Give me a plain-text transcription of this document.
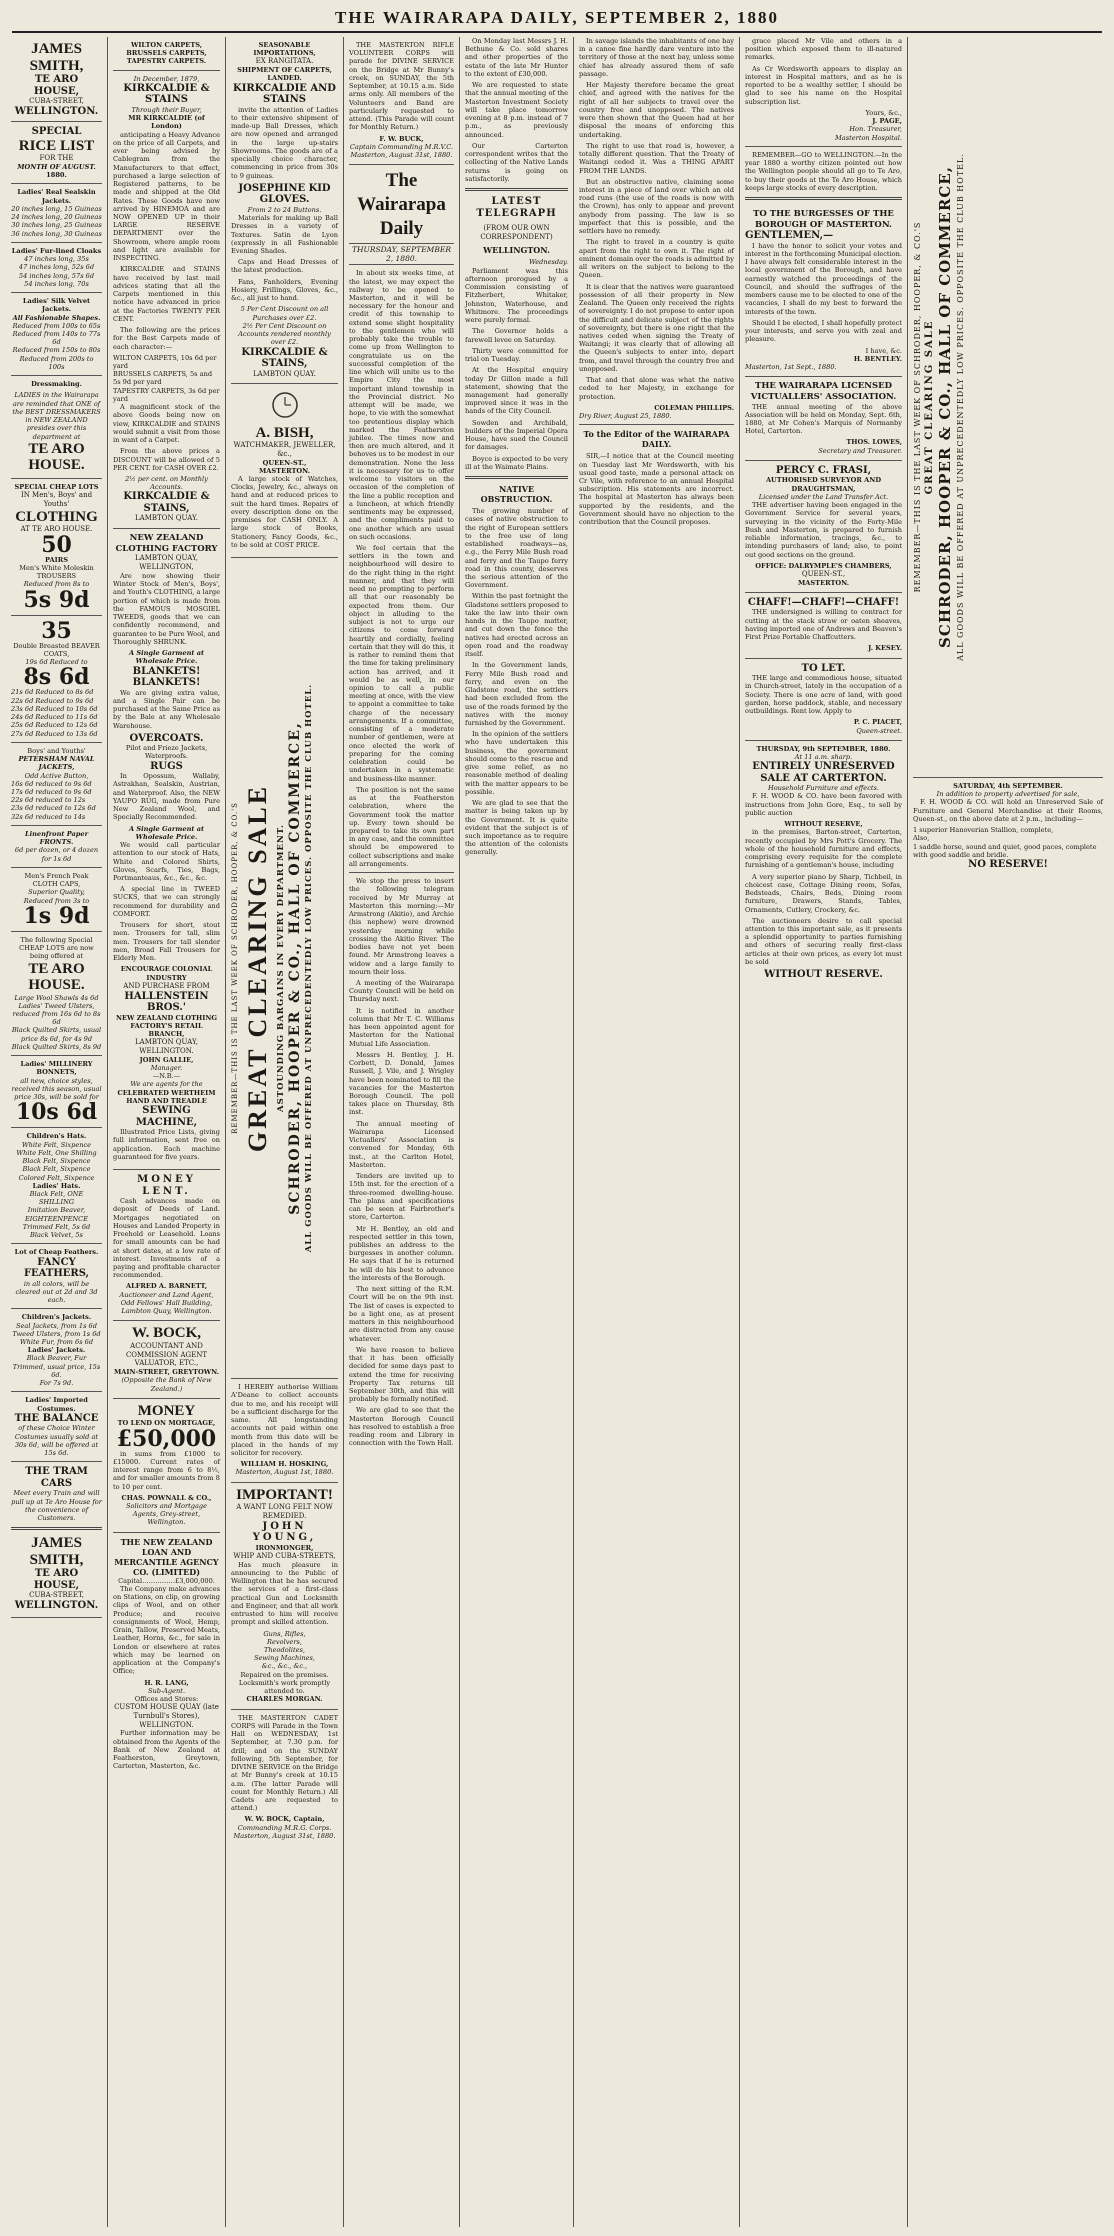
THE WAIRARAPA DAILY, SEPTEMBER 2, 1880
JAMES SMITH,
TE ARO HOUSE,
CUBA-STREET,
WELLINGTON.
SPECIAL
RICE LIST
FOR THE
MONTH OF AUGUST.
1880.
Ladies' Real Sealskin Jackets.
20 inches long, 15 Guineas
24 inches long, 20 Guineas
30 inches long, 25 Guineas
36 inches long, 30 Guineas
Ladies' Fur-lined Cloaks
47 inches long, 35s
47 inches long, 52s 6d
54 inches long, 57s 6d
54 inches long, 70s
Ladies' Silk Velvet Jackets.
All Fashionable Shapes.
Reduced from 100s to 65s
Reduced from 140s to 77s 6d
Reduced from 150s to 80s
Reduced from 200s to 100s
Dressmaking.
LADIES in the Wairarapa are reminded that ONE of the BEST DRESSMAKERS in NEW ZEALAND presides over this department at
TE ARO HOUSE.
SPECIAL CHEAP LOTS
IN Men's, Boys' and Youths'
CLOTHING
AT TE ARO HOUSE.
50
PAIRS
Men's White Moleskin TROUSERS
Reduced from 8s to
5s 9d
35
Double Breasted BEAVER COATS,
19s 6d Reduced to
8s 6d
21s 6d Reduced to 8s 6d
22s 6d Reduced to 9s 6d
23s 6d Reduced to 10s 6d
24s 6d Reduced to 11s 6d
25s 6d Reduced to 12s 6d
27s 6d Reduced to 13s 6d
Boys' and Youths'
PETERSHAM NAVAL JACKETS,
Odd Active Button,
16s 6d reduced to 9s 6d
17s 6d reduced to 9s 6d
22s 6d reduced to 12s
23s 6d reduced to 12s 6d
32s 6d reduced to 14s
Linenfront Paper FRONTS.
6d per dozen, or 4 dozen for 1s 6d
Men's French Peak CLOTH CAPS,
Superior Quality,
Reduced from 3s to
1s 9d
The following Special CHEAP LOTS are now being offered at
TE ARO HOUSE.
Large Wool Shawls 4s 6d
Ladies' Tweed Ulsters, reduced from 16s 6d to 8s 6d
Black Quilted Skirts, usual price 8s 6d, for 4s 9d
Black Quilted Skirts, 8s 9d
Ladies' MILLINERY BONNETS,
all new, choice styles, received this season, usual price 30s, will be sold for
10s 6d
Children's Hats.
White Felt, Sixpence
White Felt, One Shilling
Black Felt, Sixpence
Black Felt, Sixpence
Colored Felt, Sixpence
Ladies' Hats.
Black Felt, ONE SHILLING
Imitation Beaver, EIGHTEENPENCE
Trimmed Felt, 5s 6d
Black Velvet, 5s
Lot of Cheap Feathers.
FANCY FEATHERS,
in all colors, will be cleared out at 2d and 3d each.
Children's Jackets.
Seal Jackets, from 1s 6d
Tweed Ulsters, from 1s 6d
White Fur, from 6s 6d
Ladies' Jackets.
Black Beaver, Fur Trimmed, usual price, 15s 6d.
For 7s 9d.
Ladies' Imported Costumes.
THE BALANCE
of these Choice Winter Costumes usually sold at 30s 6d, will be offered at 15s 6d.
THE TRAM CARS
Meet every Train and will pull up at Te Aro House for the convenience of Customers.
JAMES SMITH,
TE ARO HOUSE,
CUBA-STREET,
WELLINGTON.
WILTON CARPETS,
BRUSSELS CARPETS,
TAPESTRY CARPETS.
In December, 1879,
KIRKCALDIE & STAINS
Through their Buyer,
MR KIRKCALDIE (of London)

anticipating a Heavy Advance on the price of all Carpets, and ever being advised by Cablegram from the Manufacturers to that effect, purchased a large selection of Registered patterns, to be made and shipped at the Old Rates. These Goods have now arrived by HINEMOA and are NOW OPENED UP in their LARGE RESERVE DEPARTMENT over the Showroom, where ample room and light are available for INSPECTING.

KIRKCALDIE and STAINS have received by last mail advices stating that all the Carpets mentioned in this notice have advanced in price at the Factories TWENTY PER CENT.

The following are the prices for the Best Carpets made of each character:—

WILTON CARPETS, 10s 6d per yard
BRUSSELS CARPETS, 5s and 5s 9d per yard
TAPESTRY CARPETS, 3s 6d per yard

A magnificent stock of the above Goods being now on view, KIRKCALDIE and STAINS would submit a visit from those in want of a Carpet.

From the above prices a DISCOUNT will be allowed of 5 PER CENT. for CASH OVER £2.

2½ per cent. on Monthly Accounts.
KIRKCALDIE & STAINS,
LAMBTON QUAY.
NEW ZEALAND CLOTHING FACTORY
LAMBTON QUAY, WELLINGTON,

Are now showing their Winter Stock of Men's, Boys', and Youth's CLOTHING, a large portion of which is made from the FAMOUS MOSGIEL TWEEDS, goods that we can confidently recommend, and guarantee to be Pure Wool, and Thoroughly SHRUNK.

A Single Garment at Wholesale Price.
BLANKETS! BLANKETS!

We are giving extra value, and a Single Pair can be purchased at the Same Price as by the Bale at any Wholesale Warehouse.

OVERCOATS.
Pilot and Frieze Jackets, Waterproofs.
RUGS

In Opossum, Wallaby, Astrakhan, Sealskin, Austrian, and Waterproof. Also, the NEW YAUPO RUG, made from Pure New Zealand Wool, and Specially Recommended.

A Single Garment at Wholesale Price.

We would call particular attention to our stock of Hats, White and Colored Shirts, Gloves, Scarfs, Ties, Bags, Portmanteaus, &c., &c., &c.

A special line in TWEED SUCKS, that we can strongly recommend for durability and COMFORT.

Trousers for short, stout men. Trousers for tall, slim men. Trousers for tall slender men, Broad Fall Trousers for Elderly Men.

ENCOURAGE COLONIAL INDUSTRY
AND PURCHASE FROM
HALLENSTEIN BROS.'
NEW ZEALAND CLOTHING FACTORY'S RETAIL BRANCH,
LAMBTON QUAY, WELLINGTON.
JOHN GALLIE,
Manager.
—N.B.—
We are agents for the
CELEBRATED WERTHEIM HAND AND TREADLE
SEWING MACHINE,

Illustrated Price Lists, giving full information, sent free on application. Each machine guaranteed for five years.

MONEY LENT.

Cash advances made on deposit of Deeds of Land. Mortgages negotiated on Houses and Landed Property in Freehold or Leasehold. Loans for small amounts can be had at short dates, at a low rate of interest. Investments of a paying and profitable character recommended.

ALFRED A. BARNETT,
Auctioneer and Land Agent, Odd Fellows' Hall Building, Lambton Quay, Wellington.
W. BOCK,
ACCOUNTANT AND COMMISSION AGENT VALUATOR, ETC.,
MAIN-STREET, GREYTOWN.
(Opposite the Bank of New Zealand.)
MONEY
TO LEND ON MORTGAGE,
£50,000

in sums from £1000 to £15000. Current rates of interest range from 6 to 8½, and for smaller amounts from 8 to 10 per cent.

CHAS. POWNALL & CO.,
Solicitors and Mortgage Agents, Grey-street, Wellington.
THE NEW ZEALAND LOAN AND MERCANTILE AGENCY CO. (LIMITED)
Capital……………£3,000,000.

The Company make advances on Stations, on clip, on growing clips of Wool, and on other Produce; and receive consignments of Wool, Hemp, Grain, Tallow, Preserved Meats, Leather, Horns, &c., for sale in London or elsewhere at rates which may be learned on application at the Company's Office;

H. R. LANG,
Sub-Agent.
Offices and Stores:
CUSTOM HOUSE QUAY (late Turnbull's Stores), WELLINGTON.

Further information may be obtained from the Agents of the Bank of New Zealand at Featherston, Greytown, Carterton, Masterton, &c.

SEASONABLE IMPORTATIONS,
EX RANGITATA.
SHIPMENT OF CARPETS, LANDED.
KIRKCALDIE AND STAINS

invite the attention of Ladies to their extensive shipment of made-up Ball Dresses, which are now opened and arranged in the large up-stairs Showrooms. The goods are of a specially choice character, commencing in price from 30s to 9 guineas.

JOSEPHINE KID GLOVES.
From 2 to 24 Buttons.

Materials for making up Ball Dresses in a variety of Textures. Satin de Lyon (expressly in all Fashionable Evening Shades.

Caps and Head Dresses of the latest production.

Fans, Fanholders, Evening Hosiery, Frillings, Gloves, &c., &c., all just to hand.

5 Per Cent Discount on all Purchases over £2.
2½ Per Cent Discount on Accounts rendered monthly over £2.
KIRKCALDIE & STAINS,
LAMBTON QUAY.
A. BISH,
WATCHMAKER, JEWELLER, &c.,
QUEEN-ST.,
MASTERTON.

A large stock of Watches, Clocks, Jewelry, &c., always on hand and at reduced prices to suit the hard times. Repairs of every description done on the premises for CASH ONLY. A large stock of Books, Stationery, Fancy Goods, &c., to be sold at COST PRICE.

REMEMBER—THIS IS THE LAST WEEK OF SCHRODER, HOOPER, & CO.'S GREAT CLEARING SALE ASTOUNDING BARGAINS IN EVERY DEPARTMENT. SCHRODER, HOOPER & CO., HALL OF COMMERCE, ALL GOODS WILL BE OFFERED AT UNPRECEDENTEDLY LOW PRICES. OPPOSITE THE CLUB HOTEL.

I HEREBY authorise William A'Deane to collect accounts due to me, and his receipt will be a sufficient discharge for the same. All longstanding accounts not paid within one month from this date will be placed in the hands of my solicitor for recovery.

WILLIAM H. HOSKING,
Masterton, August 1st, 1880.
IMPORTANT!
A WANT LONG FELT NOW REMEDIED.
JOHN YOUNG,
IRONMONGER,
WHIP AND CUBA-STREETS,

Has much pleasure in announcing to the Public of Wellington that he has secured the services of a first-class practical Gun and Locksmith and Engineer, and that all work entrusted to him will receive prompt and skilled attention.

Guns, Rifles,
Revolvers,
Theodolites,
Sewing Machines,
&c., &c., &c.,
Repaired on the premises.
Locksmith's work promptly attended to.
CHARLES MORGAN.

THE MASTERTON CADET CORPS will Parade in the Town Hall on WEDNESDAY, 1st September, at 7.30 p.m. for drill; and on the SUNDAY following, 5th September, for DIVINE SERVICE on the Bridge at Mr Bunny's creek at 10.15 a.m. (The latter Parade will count for Monthly Return.) All Cadets are requested to attend.)

W. W. BOCK, Captain,
Commanding M.R.G. Corps.
Masterton, August 31st, 1880.

THE MASTERTON RIFLE VOLUNTEER CORPS will parade for DIVINE SERVICE on the Bridge at Mr Bunny's creek, on SUNDAY, the 5th September, at 10.15 a.m. Side arms only. All members of the Volunteers and Band are particularly requested to attend. (This Parade will count for Monthly Return.)

F. W. BUCK,
Captain Commanding M.R.V.C.
Masterton, August 31st, 1880.
The Wairarapa Daily
THURSDAY, SEPTEMBER 2, 1880.

In about six weeks time, at the latest, we may expect the railway to be opened to Masterton, and it will be necessary for the honour and credit of this township to extend some slight hospitality to the gentlemen who will probably take the trouble to come up from Wellington to congratulate us on the successful completion of the line which will unite us to the Empire City the most important inland township in the Provincial district. No attempt will be made, we hope, to vie with the somewhat too pretentious display which marked the Featherston jubilee. The times now and then are much altered, and it behoves us to be modest in our demonstration. None the less it is necessary for us to offer welcome to visitors on the occasion of the completion of the line a public reception and a luncheon, at which friendly sentiments may be expressed, and the compliments paid to one another which are usual on such occasions.

We feel certain that the settlers in the town and neighbourhood will desire to do the right thing in the right manner, and that they will need no prompting to perform all that our reasonably be expected from them. Our object in alluding to the subject is not to urge our citizens to come forward heartily and cordially, feeling certain that they will do this, it is rather to remind them that the time for taking preliminary action has arrived, and it would be as well, in our opinion to call a public meeting at once, with the view to appoint a committee to take charge of the necessary arrangements. If a committee, consisting of a moderate number of gentlemen, were at once elected the work of preparing for the coming celebration could be undertaken in a systematic and business-like manner.

The position is not the same as at the Featherston celebration, where the Government took the matter up. Every town should be prepared to take its own part in any case, and the committee should be empowered to collect subscriptions and make all arrangements.

We stop the press to insert the following telegram received by Mr Murray at Masterton this morning:—Mr Armstrong (Akitio), and Archie (his nephew) were drowned yesterday morning while crossing the Akitio River. The bodies have not yet been found. Mr Armstrong leaves a widow and a large family to mourn their loss.

A meeting of the Wairarapa County Council will be held on Thursday next.

It is notified in another column that Mr T. C. Williams has been appointed agent for Masterton for the National Mutual Life Association.

Messrs H. Bentley, J. H. Corbett, D. Donald, James Russell, J. Vile, and J. Wrigley have been nominated to fill the vacancies for the Masterton Borough Council. The poll takes place on Thursday, 8th inst.

The annual meeting of Wairarapa Licensed Victuallers' Association is convened for Monday, 6th inst., at the Carlton Hotel, Masterton.

Tenders are invited up to 15th inst. for the erection of a three-roomed dwelling-house. The plans and specifications can be seen at Fairbrother's store, Carterton.

Mr H. Bentley, an old and respected settler in this town, publishes an address to the burgesses in another column. He says that if he is returned he will do his best to advance the interests of the Borough.

The next sitting of the R.M. Court will be on the 9th inst. The list of cases is expected to be a light one, as at present matters in this neighbourhood are distracted from any cause whatever.

We have reason to believe that it has been officially decided for some days past to extend the time for receiving Property Tax returns till September 30th, and this will probably be formally notified.

We are glad to see that the Masterton Borough Council has resolved to establish a free reading room and Library in connection with the Town Hall.

On Monday last Messrs J. H. Bethune & Co. sold shares and other properties of the estate of the late Mr Hunter to the extent of £30,000.

We are requested to state that the annual meeting of the Masterton Investment Society will take place tomorrow evening at 8 p.m. instead of 7 p.m., as previously announced.

Our Carterton correspondent writes that the collecting of the Native Lands returns is going on satisfactorily.

LATEST TELEGRAPH
(FROM OUR OWN CORRESPONDENT)
WELLINGTON.
Wednesday.

Parliament was this afternoon prorogued by a Commission consisting of Fitzherbert, Whitaker, Johnston, Waterhouse, and Whitmore. The proceedings were purely formal.

The Governor holds a farewell levee on Saturday.

Thirty were committed for trial on Tuesday.

At the Hospital enquiry today Dr Gillon made a full statement, showing that the management had generally improved since it was in the hands of the City Council.

Sowden and Archibald, builders of the Imperial Opera House, have sued the Council for damages.

Boyce is expected to be very ill at the Waimate Plains.

NATIVE OBSTRUCTION.

The growing number of cases of native obstruction to the right of European settlers to the free use of long established roadways—as, e.g., the Ferry Mile Bush road and ferry and the Taupo ferry road in this county, deserves the serious attention of the Government.

Within the past fortnight the Gladstone settlers proposed to take the law into their own hands in the Taupo matter, and cut down the fence the natives had erected across an open road and the roadway itself.

In the Government lands, Ferry Mile Bush road and ferry, and even on the Gladstone road, the settlers had been excluded from the use of the roads formed by the natives with the money furnished by the Government.

In the opinion of the settlers who have undertaken this business, the government should come to the rescue and give some relief, as no reasonable method of dealing with the matter appears to be possible.

We are glad to see that the matter is being taken up by the Government. It is quite evident that the subject is of such importance as to require the attention of the colonists generally.

In savage islands the inhabitants of one bay in a canoe fine hardly dare venture into the territory of those at the next bay, unless some chief has already assured them of safe passage.

Her Majesty therefore became the great chief, and agreed with the natives for the right of all her subjects to travel over the country free and unopposed. The natives were then shown that the Queen had at her disposal the means of enforcing this undertaking.

The right to use that road is, however, a totally different question. That the Treaty of Waitangi ceded it. Was a THING APART FROM THE LANDS.

But an obstructive native, claiming some interest in a piece of land over which an old road runs (the use of the roads is now with the Crown), has only to appear and prevent anybody from passing. The law is so imperfect that this is possible, and the settlers have no remedy.

The right to travel in a country is quite apart from the right to own it. The right of eminent domain over the roads is admitted by all writers on the subject to belong to the Queen.

It is clear that the natives were guaranteed possession of all their property in New Zealand. The Queen only received the rights of sovereignty. I do not propose to enter upon the difficult and delicate subject of the rights of sovereignty, but there is one right that the natives ceded when signing the Treaty of Waitangi; it was clearly that of allowing all the Queen's subjects to enter into, depart from, and travel through the country free and unopposed.

That and that alone was what the native ceded to her Majesty, in exchange for protection.

COLEMAN PHILLIPS.
Dry River, August 25, 1880.
To the Editor of the WAIRARAPA DAILY.

SIR,—I notice that at the Council meeting on Tuesday last Mr Wordsworth, with his usual good taste, made a personal attack on Cr Vile, with reference to an annual Hospital subscription. His statements are incorrect. The hospital at Masterton has always been supported by the residents, and the Government should have no objection to the contribution that the Council proposes.

grace placed Mr Vile and others in a position which exposed them to ill-natured remarks.

As Cr Wordsworth appears to display an interest in Hospital matters, and as he is reported to be a wealthy settler, I should be glad to see his name on the Hospital subscription list.

Yours, &c.,
J. PAGE,
Hon. Treasurer,
Masterton Hospital.

REMEMBER—GO to WELLINGTON.—In the year 1880 a worthy citizen pointed out how the Wellington people should all go to Te Aro, to buy their goods at the Te Aro House, which keeps large stocks of every description.

TO THE BURGESSES OF THE BOROUGH OF MASTERTON.
GENTLEMEN,—

I have the honor to solicit your votes and interest in the forthcoming Municipal election. I have always felt considerable interest in the local government of the Borough, and have earnestly watched the proceedings of the Council, and should the suffrages of the members cause me to be elected to one of the vacancies, I shall do my best to forward the interests of the town.

Should I be elected, I shall hopefully protect your interests, and serve you with zeal and pleasure.

I have, &c.
H. BENTLEY.
Masterton, 1st Sept., 1880.
THE WAIRARAPA LICENSED VICTUALLERS' ASSOCIATION.

THE annual meeting of the above Association will be held on Monday, Sept. 6th, 1880, at Mr Cohen's Marquis of Normanby Hotel, Carterton.

THOS. LOWES,
Secretary and Treasurer.
PERCY C. FRASI,
AUTHORISED SURVEYOR AND DRAUGHTSMAN,
Licensed under the Land Transfer Act.

THE advertiser having been engaged in the Government Service for several years, surveying in the vicinity of the Forty-Mile Bush and Masterton, is prepared to furnish reliable information, tracings, &c., to intending purchasers of land; also, to point out good sections on the ground.

OFFICE: DALRYMPLE'S CHAMBERS,
QUEEN-ST.,
MASTERTON.
CHAFF!—CHAFF!—CHAFF!

THE undersigned is willing to contract for cutting at the stack straw or oaten sheaves, having imported one of Andrews and Beaven's First Prize Portable Chaffcutters.

J. KESEY.
TO LET.

THE large and commodious house, situated in Church-street, lately in the occupation of a Society. There is one acre of land, with good garden, horse paddock, stable, and necessary outbuildings. Rent low. Apply to

P. C. PIACET,
Queen-street.
THURSDAY, 9th SEPTEMBER, 1880.
At 11 a.m. sharp.
ENTIRELY UNRESERVED SALE AT CARTERTON.
Household Furniture and effects.

F. H. WOOD & CO. have been favored with instructions from John Gore, Esq., to sell by public auction

WITHOUT RESERVE,

in the premises, Barton-street, Carterton, recently occupied by Mrs Pott's Grocery. The whole of the household furniture and effects, comprising every requisite for the complete furnishing of a gentleman's house, including

A very superior piano by Sharp, Tichbeil, in choicest case, Cottage Dining room, Sofas, Bedsteads, Chairs, Beds, Dining room furniture, Drawers, Stands, Tables, Ornaments, Cutlery, Crockery, &c.

The auctioneers desire to call special attention to this important sale, as it presents a splendid opportunity to parties furnishing and others of securing really first-class articles at their own prices, as every lot must be sold

WITHOUT RESERVE.
REMEMBER—THIS IS THE LAST WEEK OF SCHRODER, HOOPER, & CO.'S GREAT CLEARING SALE SCHRODER, HOOPER & CO., HALL OF COMMERCE, ALL GOODS WILL BE OFFERED AT UNPRECEDENTEDLY LOW PRICES. OPPOSITE THE CLUB HOTEL.
SATURDAY, 4th SEPTEMBER.
In addition to property advertised for sale,

F. H. WOOD & CO. will hold an Unreserved Sale of Furniture and General Merchandise at their Rooms, Queen-st., on the above date at 2 p.m., including—

1 superior Hanoverian Stallion, complete,
Also,
1 saddle horse, sound and quiet, good paces, complete with good saddle and bridle.
NO RESERVE!
